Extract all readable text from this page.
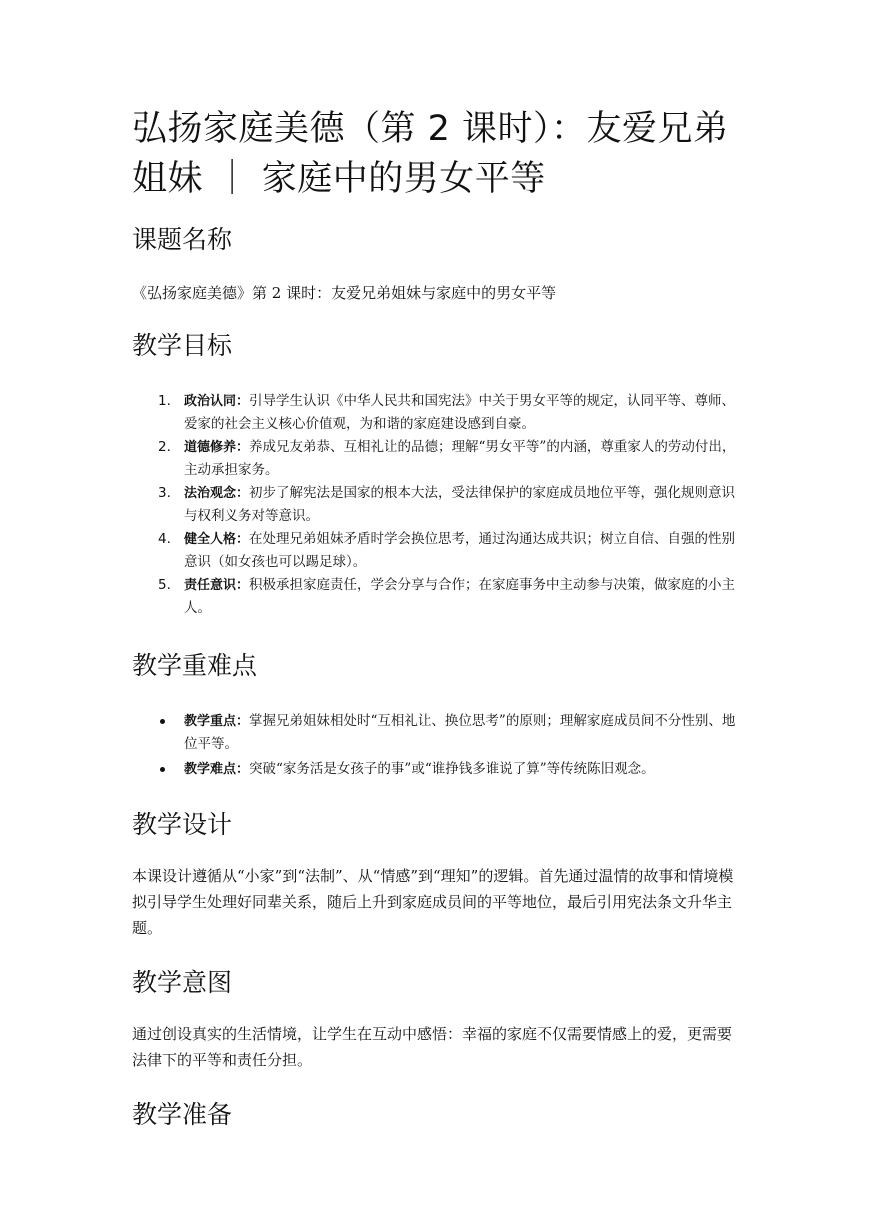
弘扬家庭美德（第 2 课时）：友爱兄弟
姐妹 ｜ 家庭中的男女平等
课题名称

《弘扬家庭美德》第 2 课时：友爱兄弟姐妹与家庭中的男女平等

教学目标
1. 政治认同：引导学生认识《中华人民共和国宪法》中关于男女平等的规定，认同平等、尊师、爱家的社会主义核心价值观，为和谐的家庭建设感到自豪。
2. 道德修养：养成兄友弟恭、互相礼让的品德；理解“男女平等”的内涵，尊重家人的劳动付出，主动承担家务。
3. 法治观念：初步了解宪法是国家的根本大法，受法律保护的家庭成员地位平等，强化规则意识与权利义务对等意识。
4. 健全人格：在处理兄弟姐妹矛盾时学会换位思考，通过沟通达成共识；树立自信、自强的性别意识（如女孩也可以踢足球）。
5. 责任意识：积极承担家庭责任，学会分享与合作；在家庭事务中主动参与决策，做家庭的小主人。
教学重难点
教学重点：掌握兄弟姐妹相处时“互相礼让、换位思考”的原则；理解家庭成员间不分性别、地位平等。
教学难点：突破“家务活是女孩子的事”或“谁挣钱多谁说了算”等传统陈旧观念。
教学设计

本课设计遵循从“小家”到“法制”、从“情感”到“理知”的逻辑。首先通过温情的故事和情境模拟引导学生处理好同辈关系，随后上升到家庭成员间的平等地位，最后引用宪法条文升华主题。

教学意图

通过创设真实的生活情境，让学生在互动中感悟：幸福的家庭不仅需要情感上的爱，更需要法律下的平等和责任分担。

教学准备
